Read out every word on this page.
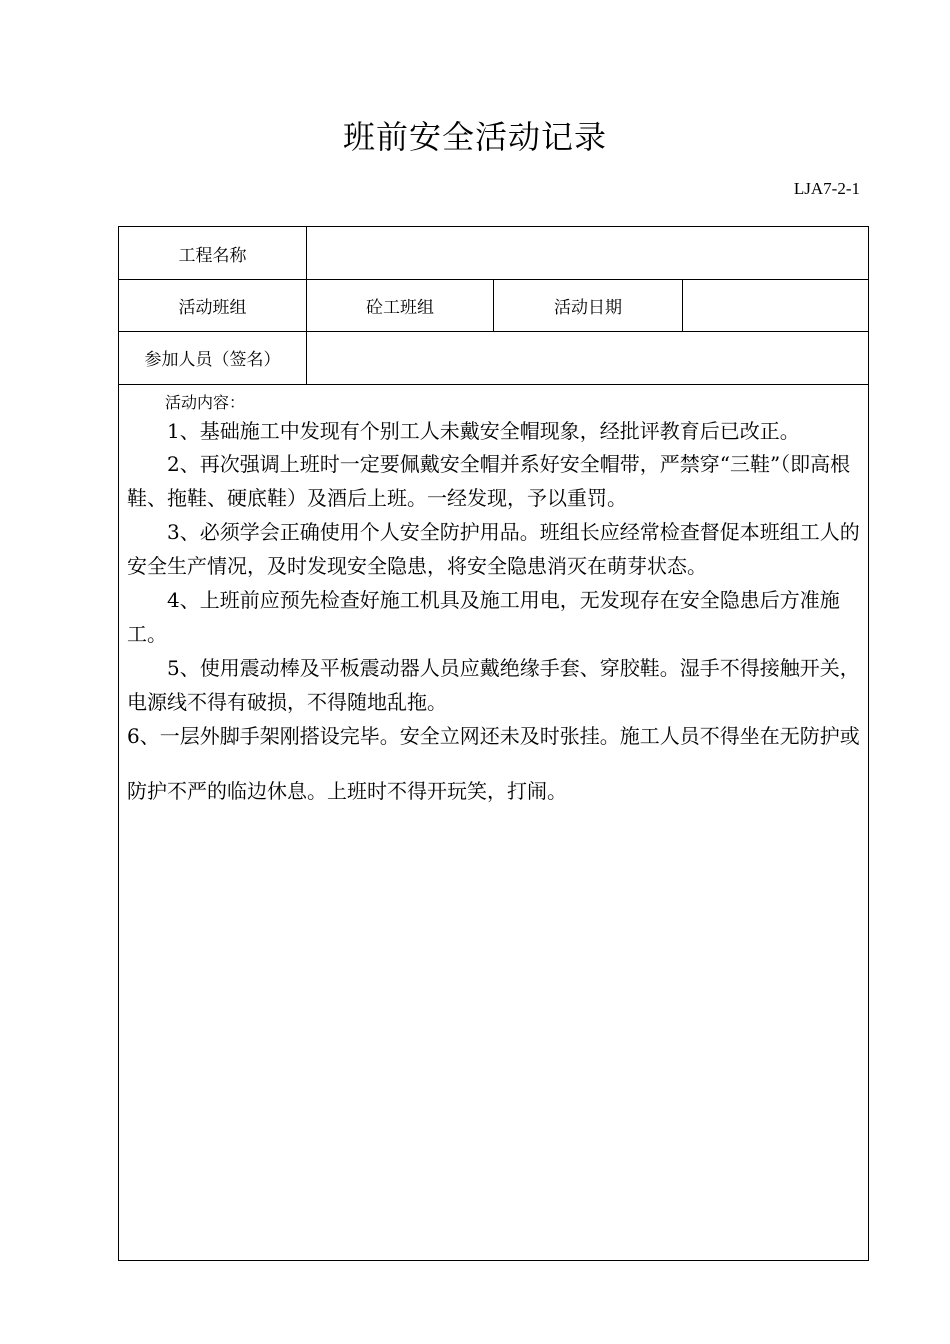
班前安全活动记录
LJA7-2-1
工程名称
活动班组	砼工班组	活动日期
参加人员（签名）
活动内容：
1、基础施工中发现有个别工人未戴安全帽现象，经批评教育后已改正。
2、再次强调上班时一定要佩戴安全帽并系好安全帽带，严禁穿“三鞋”（即高根鞋、拖鞋、硬底鞋）及酒后上班。一经发现，予以重罚。
3、必须学会正确使用个人安全防护用品。班组长应经常检查督促本班组工人的安全生产情况，及时发现安全隐患，将安全隐患消灭在萌芽状态。
4、上班前应预先检查好施工机具及施工用电，无发现存在安全隐患后方准施工。
5、使用震动棒及平板震动器人员应戴绝缘手套、穿胶鞋。湿手不得接触开关，电源线不得有破损，不得随地乱拖。
6、一层外脚手架刚搭设完毕。安全立网还未及时张挂。施工人员不得坐在无防护或防护不严的临边休息。上班时不得开玩笑，打闹。
